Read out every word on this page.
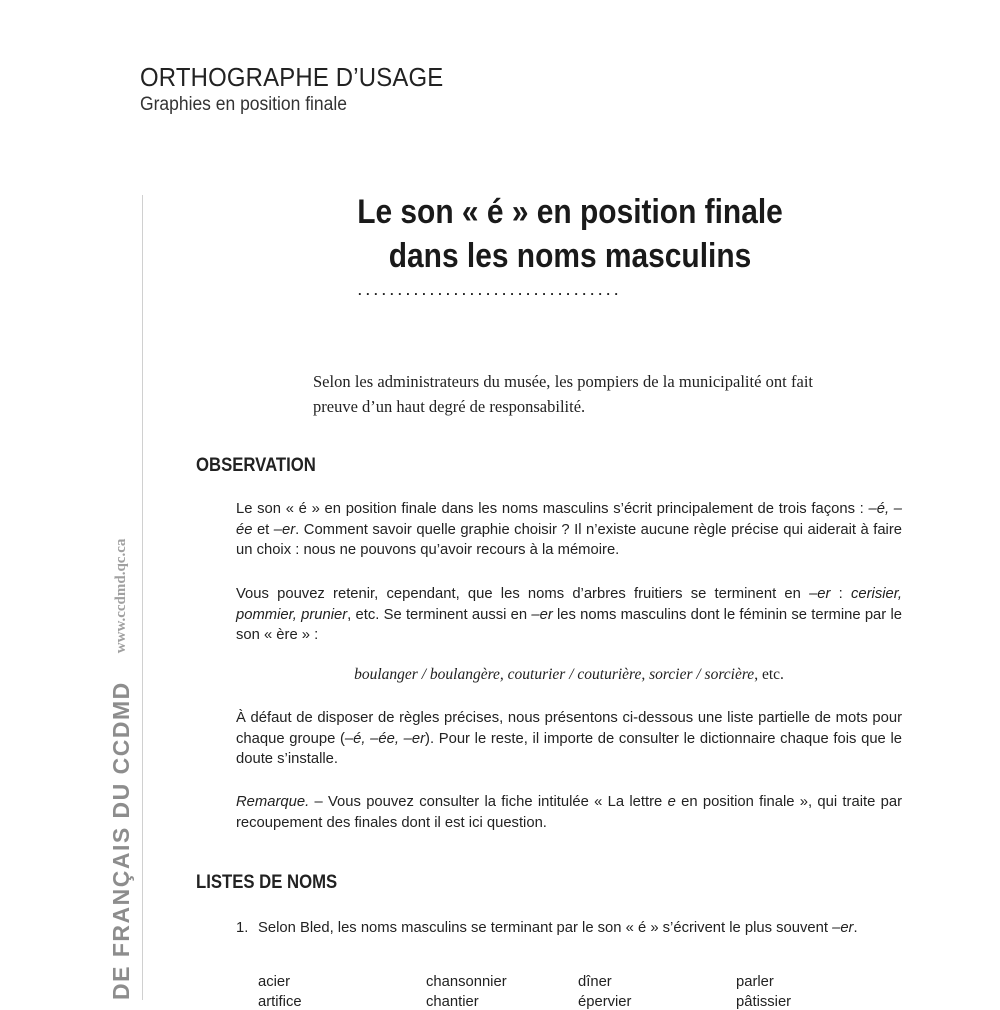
ORTHOGRAPHE D’USAGE
Graphies en position finale
DE FRANÇAIS DU CCDMD
www.ccdmd.qc.ca
Le son « é » en position finale
dans les noms masculins
.................................
Selon les administrateurs du musée, les pompiers de la municipalité ont fait preuve d’un haut degré de responsabilité.
OBSERVATION
Le son « é » en position finale dans les noms masculins s’écrit principalement de trois façons : –é, –ée et –er. Comment savoir quelle graphie choisir ? Il n’existe aucune règle précise qui aiderait à faire un choix : nous ne pouvons qu’avoir recours à la mémoire.
Vous pouvez retenir, cependant, que les noms d’arbres fruitiers se terminent en –er : cerisier, pommier, prunier, etc. Se terminent aussi en –er les noms masculins dont le féminin se termine par le son « ère » :
boulanger / boulangère, couturier / couturière, sorcier / sorcière, etc.
À défaut de disposer de règles précises, nous présentons ci-dessous une liste partielle de mots pour chaque groupe (–é, –ée, –er). Pour le reste, il importe de consulter le dictionnaire chaque fois que le doute s’installe.
Remarque. – Vous pouvez consulter la fiche intitulée « La lettre e en position finale », qui traite par recoupement des finales dont il est ici question.
LISTES DE NOMS
1. Selon Bled, les noms masculins se terminant par le son « é » s’écrivent le plus souvent –er.
acier	chansonnier	dîner	parler
artifice	chantier	épervier	pâtissier
